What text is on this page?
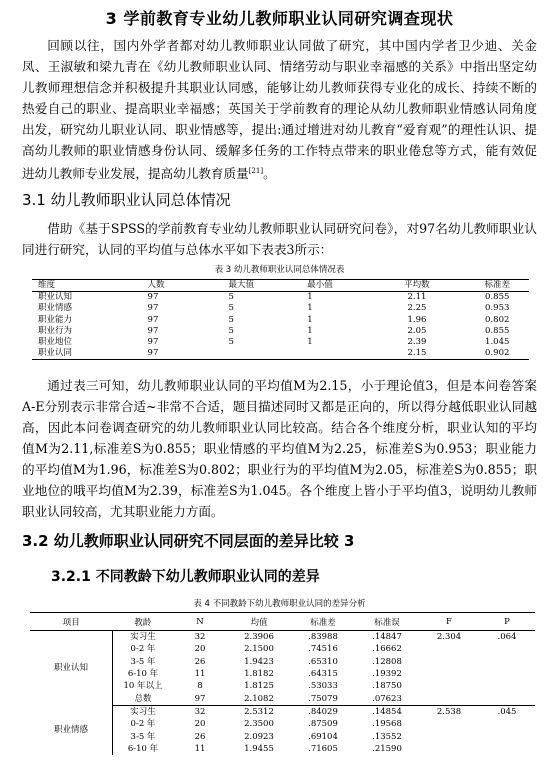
3 学前教育专业幼儿教师职业认同研究调查现状

回顾以往，国内外学者都对幼儿教师职业认同做了研究，其中国内学者卫少迪、关金凤、王淑敏和梁九青在《幼儿教师职业认同、情绪劳动与职业幸福感的关系》中指出坚定幼儿教师理想信念并积极提升其职业认同感，能够让幼儿教师获得专业化的成长、持续不断的热爱自己的职业、提高职业幸福感；英国关于学前教育的理论从幼儿教师职业情感认同角度出发，研究幼儿职业认同、职业情感等，提出:通过增进对幼儿教育“爱育观”的理性认识、提高幼儿教师的职业情感身份认同、缓解多任务的工作特点带来的职业倦怠等方式，能有效促进幼儿教师专业发展，提高幼儿教育质量[21]。

3.1 幼儿教师职业认同总体情况

借助《基于SPSS的学前教育专业幼儿教师职业认同研究问卷》，对97名幼儿教师职业认同进行研究，认同的平均值与总体水平如下表表3所示：

表 3 幼儿教师职业认同总体情况表
维度	人数	最大值	最小值	平均数	标准差
职业认知	97	5	1	2.11	0.855
职业情感	97	5	1	2.25	0.953
职业能力	97	5	1	1.96	0.802
职业行为	97	5	1	2.05	0.855
职业地位	97	5	1	2.39	1.045
职业认同	97			2.15	0.902

通过表三可知，幼儿教师职业认同的平均值M为2.15，小于理论值3，但是本问卷答案A-E分别表示非常合适~非常不合适，题目描述同时又都是正向的，所以得分越低职业认同越高，因此本问卷调查研究的幼儿教师职业认同比较高。结合各个维度分析，职业认知的平均值M为2.11,标准差S为0.855；职业情感的平均值M为2.25，标准差S为0.953；职业能力的平均值M为1.96，标准差S为0.802；职业行为的平均值M为2.05，标准差S为0.855；职业地位的哦平均值M为2.39，标准差S为1.045。各个维度上皆小于平均值3，说明幼儿教师职业认同较高，尤其职业能力方面。

3.2 幼儿教师职业认同研究不同层面的差异比较 3
3.2.1 不同教龄下幼儿教师职业认同的差异
表 4 不同教龄下幼儿教师职业认同的差异分析
项目	教龄	N	均值	标准差	标准误	F	P
职业认知	实习生	32	2.3906	.83988	.14847	2.304	.064
	0-2 年	20	2.1500	.74516	.16662		
	3-5 年	26	1.9423	.65310	.12808		
	6-10 年	11	1.8182	.64315	.19392		
	10 年以上	8	1.8125	.53033	.18750		
	总数	97	2.1082	.75079	.07623		
职业情感	实习生	32	2.5312	.84029	.14854	2.538	.045
	0-2 年	20	2.3500	.87509	.19568		
	3-5 年	26	2.0923	.69104	.13552		
	6-10 年	11	1.9455	.71605	.21590		
